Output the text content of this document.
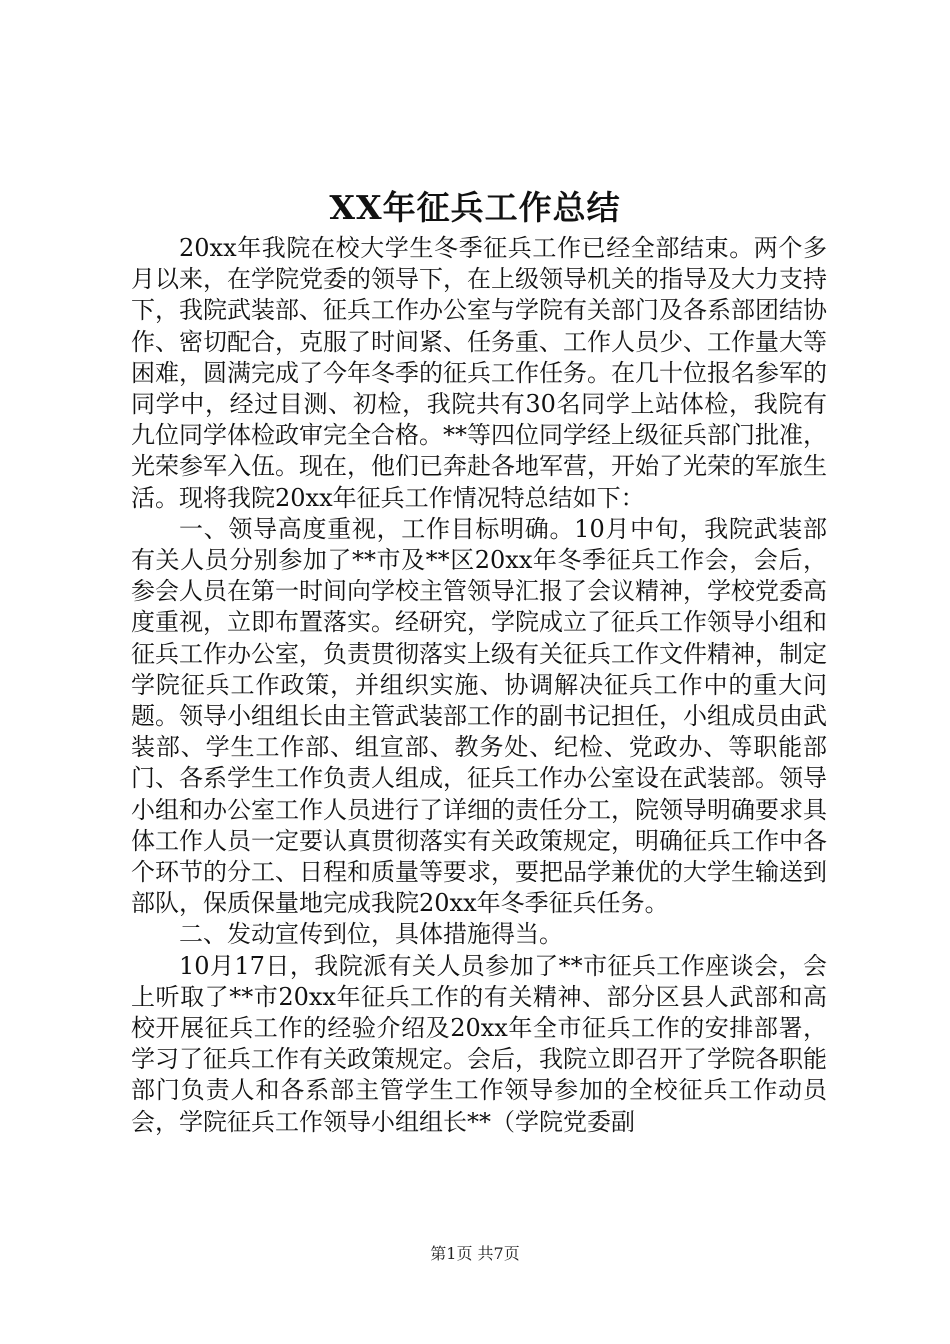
XX年征兵工作总结

20xx年我院在校大学生冬季征兵工作已经全部结束。两个多月以来，在学院党委的领导下，在上级领导机关的指导及大力支持下，我院武装部、征兵工作办公室与学院有关部门及各系部团结协作、密切配合，克服了时间紧、任务重、工作人员少、工作量大等困难，圆满完成了今年冬季的征兵工作任务。在几十位报名参军的同学中，经过目测、初检，我院共有30名同学上站体检，我院有九位同学体检政审完全合格。**等四位同学经上级征兵部门批准，光荣参军入伍。现在，他们已奔赴各地军营，开始了光荣的军旅生活。现将我院20xx年征兵工作情况特总结如下：

一、领导高度重视，工作目标明确。10月中旬，我院武装部有关人员分别参加了**市及**区20xx年冬季征兵工作会，会后，参会人员在第一时间向学校主管领导汇报了会议精神，学校党委高度重视，立即布置落实。经研究，学院成立了征兵工作领导小组和征兵工作办公室，负责贯彻落实上级有关征兵工作文件精神，制定学院征兵工作政策，并组织实施、协调解决征兵工作中的重大问题。领导小组组长由主管武装部工作的副书记担任，小组成员由武装部、学生工作部、组宣部、教务处、纪检、党政办、等职能部门、各系学生工作负责人组成，征兵工作办公室设在武装部。领导小组和办公室工作人员进行了详细的责任分工，院领导明确要求具体工作人员一定要认真贯彻落实有关政策规定，明确征兵工作中各个环节的分工、日程和质量等要求，要把品学兼优的大学生输送到部队，保质保量地完成我院20xx年冬季征兵任务。

二、发动宣传到位，具体措施得当。

10月17日，我院派有关人员参加了**市征兵工作座谈会，会上听取了**市20xx年征兵工作的有关精神、部分区县人武部和高校开展征兵工作的经验介绍及20xx年全市征兵工作的安排部署，学习了征兵工作有关政策规定。会后，我院立即召开了学院各职能部门负责人和各系部主管学生工作领导参加的全校征兵工作动员会，学院征兵工作领导小组组长**（学院党委副

第1页 共7页
